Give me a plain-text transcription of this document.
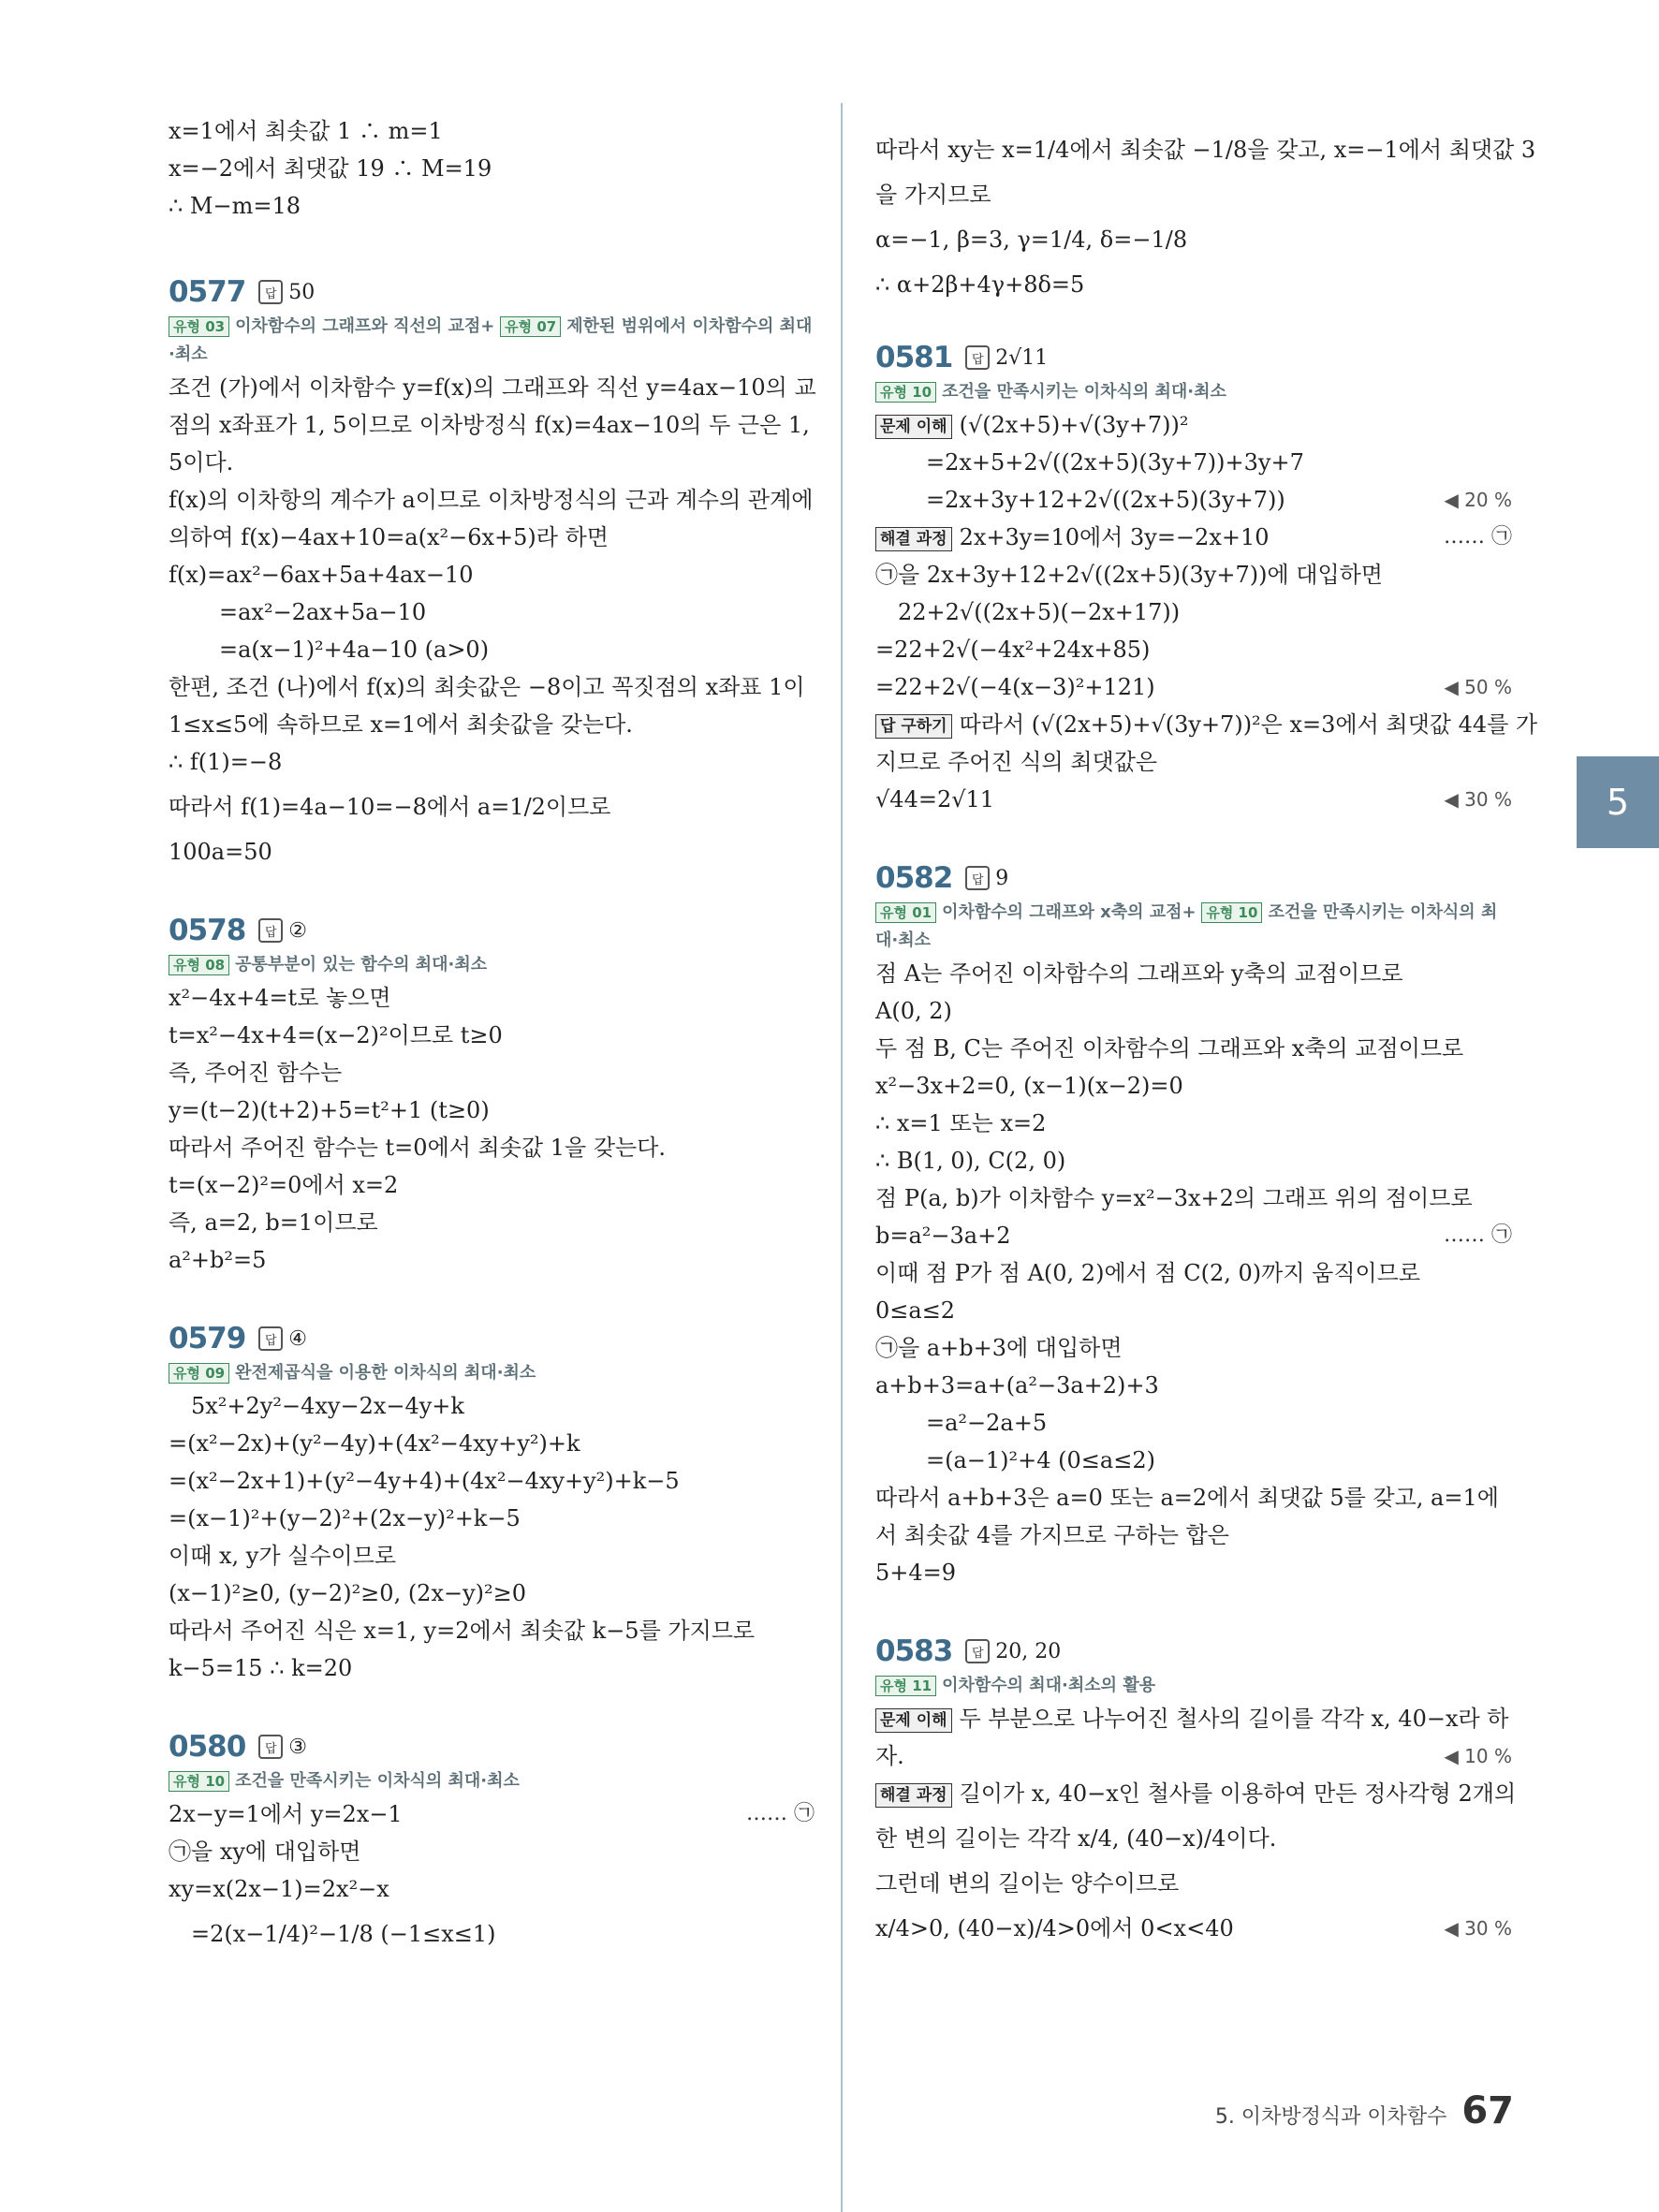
x=1에서 최솟값 1 ∴ m=1
x=−2에서 최댓값 19 ∴ M=19
∴ M−m=18
0577	답 50
유형 03 이차함수의 그래프와 직선의 교점+ 유형 07 제한된 범위에서 이차함수의 최대·최소
조건 (가)에서 이차함수 y=f(x)의 그래프와 직선 y=4ax−10의 교
점의 x좌표가 1, 5이므로 이차방정식 f(x)=4ax−10의 두 근은 1,
5이다.
f(x)의 이차항의 계수가 a이므로 이차방정식의 근과 계수의 관계에
의하여 f(x)−4ax+10=a(x²−6x+5)라 하면
f(x)=ax²−6ax+5a+4ax−10
=ax²−2ax+5a−10
=a(x−1)²+4a−10 (a>0)
한편, 조건 (나)에서 f(x)의 최솟값은 −8이고 꼭짓점의 x좌표 1이
1≤x≤5에 속하므로 x=1에서 최솟값을 갖는다.
∴ f(1)=−8
따라서 f(1)=4a−10=−8에서 a=1/2이므로
100a=50
0578	답 ②
유형 08 공통부분이 있는 함수의 최대·최소
x²−4x+4=t로 놓으면
t=x²−4x+4=(x−2)²이므로 t≥0
즉, 주어진 함수는
y=(t−2)(t+2)+5=t²+1 (t≥0)
따라서 주어진 함수는 t=0에서 최솟값 1을 갖는다.
t=(x−2)²=0에서 x=2
즉, a=2, b=1이므로
a²+b²=5
0579	답 ④
유형 09 완전제곱식을 이용한 이차식의 최대·최소
5x²+2y²−4xy−2x−4y+k
=(x²−2x)+(y²−4y)+(4x²−4xy+y²)+k
=(x²−2x+1)+(y²−4y+4)+(4x²−4xy+y²)+k−5
=(x−1)²+(y−2)²+(2x−y)²+k−5
이때 x, y가 실수이므로
(x−1)²≥0, (y−2)²≥0, (2x−y)²≥0
따라서 주어진 식은 x=1, y=2에서 최솟값 k−5를 가지므로
k−5=15 ∴ k=20
0580	답 ③
유형 10 조건을 만족시키는 이차식의 최대·최소
2x−y=1에서 y=2x−1	…… ㉠
㉠을 xy에 대입하면
xy=x(2x−1)=2x²−x
=2(x−1/4)²−1/8 (−1≤x≤1)
따라서 xy는 x=1/4에서 최솟값 −1/8을 갖고, x=−1에서 최댓값 3
을 가지므로
α=−1, β=3, γ=1/4, δ=−1/8
∴ α+2β+4γ+8δ=5
0581	답 2√11
유형 10 조건을 만족시키는 이차식의 최대·최소
문제 이해 (√(2x+5)+√(3y+7))²
=2x+5+2√((2x+5)(3y+7))+3y+7
=2x+3y+12+2√((2x+5)(3y+7))	◀ 20 %
해결 과정 2x+3y=10에서 3y=−2x+10	…… ㉠
㉠을 2x+3y+12+2√((2x+5)(3y+7))에 대입하면
22+2√((2x+5)(−2x+17))
=22+2√(−4x²+24x+85)
=22+2√(−4(x−3)²+121)	◀ 50 %
답 구하기 따라서 (√(2x+5)+√(3y+7))²은 x=3에서 최댓값 44를 가
지므로 주어진 식의 최댓값은
√44=2√11	◀ 30 %
0582	답 9
유형 01 이차함수의 그래프와 x축의 교점+ 유형 10 조건을 만족시키는 이차식의 최대·최소
점 A는 주어진 이차함수의 그래프와 y축의 교점이므로
A(0, 2)
두 점 B, C는 주어진 이차함수의 그래프와 x축의 교점이므로
x²−3x+2=0, (x−1)(x−2)=0
∴ x=1 또는 x=2
∴ B(1, 0), C(2, 0)
점 P(a, b)가 이차함수 y=x²−3x+2의 그래프 위의 점이므로
b=a²−3a+2	…… ㉠
이때 점 P가 점 A(0, 2)에서 점 C(2, 0)까지 움직이므로
0≤a≤2
㉠을 a+b+3에 대입하면
a+b+3=a+(a²−3a+2)+3
=a²−2a+5
=(a−1)²+4 (0≤a≤2)
따라서 a+b+3은 a=0 또는 a=2에서 최댓값 5를 갖고, a=1에
서 최솟값 4를 가지므로 구하는 합은
5+4=9
0583	답 20, 20
유형 11 이차함수의 최대·최소의 활용
문제 이해 두 부분으로 나누어진 철사의 길이를 각각 x, 40−x라 하
자.	◀ 10 %
해결 과정 길이가 x, 40−x인 철사를 이용하여 만든 정사각형 2개의
한 변의 길이는 각각 x/4, (40−x)/4이다.
그런데 변의 길이는 양수이므로
x/4>0, (40−x)/4>0에서 0<x<40	◀ 30 %
5
5. 이차방정식과 이차함수 67
